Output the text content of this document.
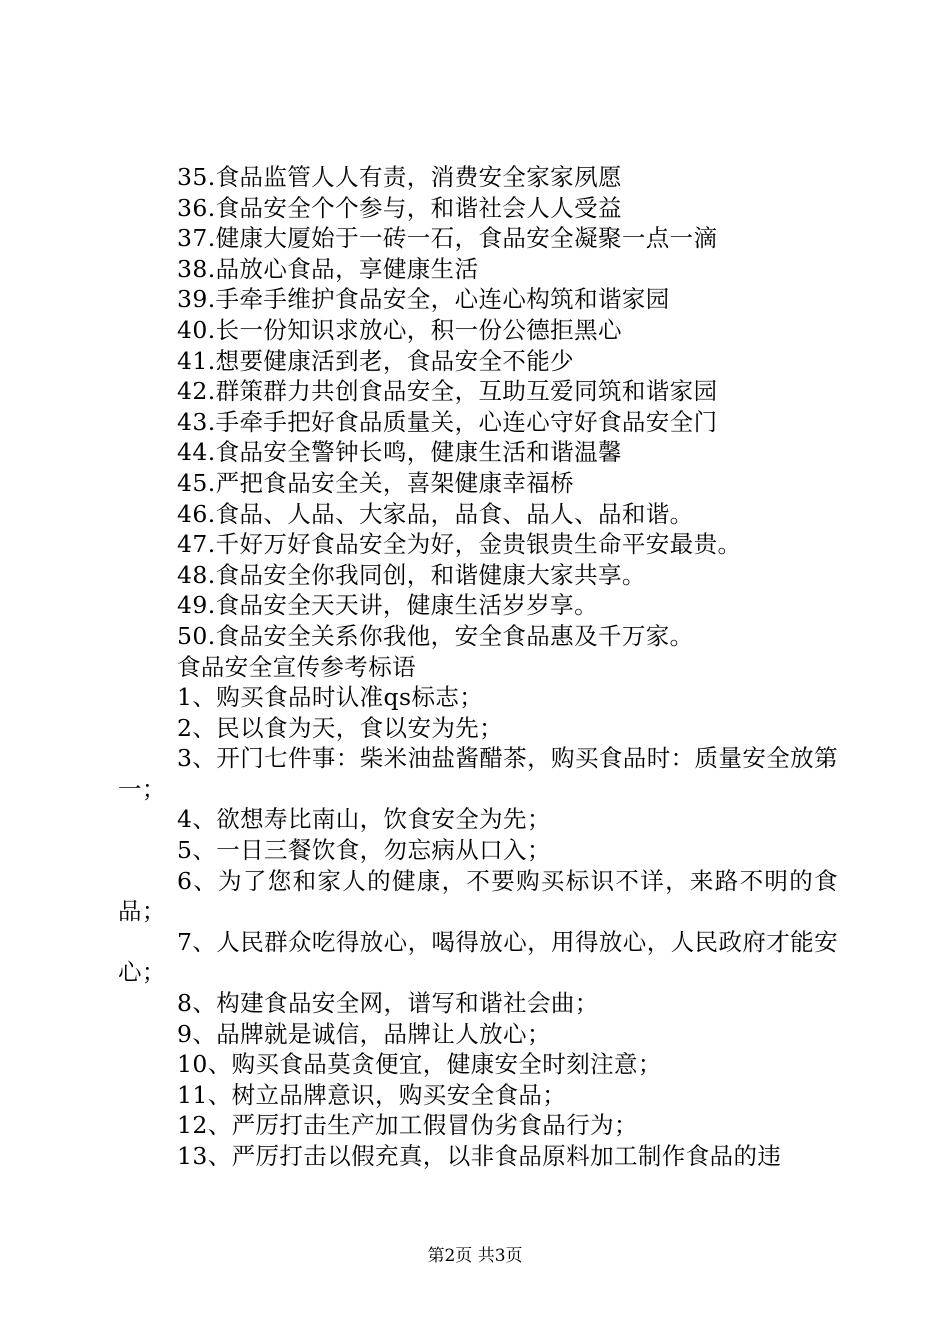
35.食品监管人人有责，消费安全家家夙愿

36.食品安全个个参与，和谐社会人人受益

37.健康大厦始于一砖一石，食品安全凝聚一点一滴

38.品放心食品，享健康生活

39.手牵手维护食品安全，心连心构筑和谐家园

40.长一份知识求放心，积一份公德拒黑心

41.想要健康活到老，食品安全不能少

42.群策群力共创食品安全，互助互爱同筑和谐家园

43.手牵手把好食品质量关，心连心守好食品安全门

44.食品安全警钟长鸣，健康生活和谐温馨

45.严把食品安全关，喜架健康幸福桥

46.食品、人品、大家品，品食、品人、品和谐。

47.千好万好食品安全为好，金贵银贵生命平安最贵。

48.食品安全你我同创，和谐健康大家共享。

49.食品安全天天讲，健康生活岁岁享。

50.食品安全关系你我他，安全食品惠及千万家。

食品安全宣传参考标语

1、购买食品时认准qs标志；

2、民以食为天，食以安为先；

3、开门七件事：柴米油盐酱醋茶，购买食品时：质量安全放第一；

4、欲想寿比南山，饮食安全为先；

5、一日三餐饮食，勿忘病从口入；

6、为了您和家人的健康，不要购买标识不详，来路不明的食品；

7、人民群众吃得放心，喝得放心，用得放心，人民政府才能安心；

8、构建食品安全网，谱写和谐社会曲；

9、品牌就是诚信，品牌让人放心；

10、购买食品莫贪便宜，健康安全时刻注意；

11、树立品牌意识，购买安全食品；

12、严厉打击生产加工假冒伪劣食品行为；

13、严厉打击以假充真，以非食品原料加工制作食品的违

第2页 共3页
